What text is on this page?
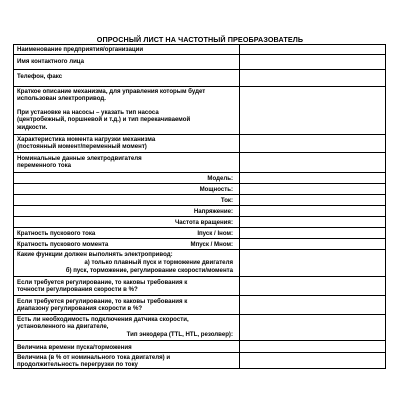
ОПРОСНЫЙ ЛИСТ НА ЧАСТОТНЫЙ ПРЕОБРАЗОВАТЕЛЬ
Наименование предприятия/организации
Имя контактного лица
Телефон, факс
Краткое описание механизма, для управления которым будет
использован электропривод.
При установке на насосы – указать тип насоса
(центробежный, поршневой и т.д.) и тип перекачиваемой
жидкости.
Характеристика момента нагрузки механизма
(постоянный момент/переменный момент)
Номинальные данные электродвигателя
переменного тока
Модель:
Мощность:
Ток:
Напряжение:
Частота вращения:
Кратность пускового тока	Iпуск / Iном:
Кратность пускового момента	Мпуск / Мном:
Какие функции должен выполнять электропривод:
а) только плавный пуск и торможение двигателя
б) пуск, торможение, регулирование скорости/момента
Если требуется регулирование, то каковы требования к
точности регулирования скорости в %?
Если требуется регулирование, то каковы требования к
диапазону регулирования скорости в %?
Есть ли необходимость подключения датчика скорости,
установленного на двигателе,
Тип энкодера (TTL, HTL, резолвер):
Величина времени пуска/торможения
Величина (в % от номинального тока двигателя) и
продолжительность перегрузки по току
